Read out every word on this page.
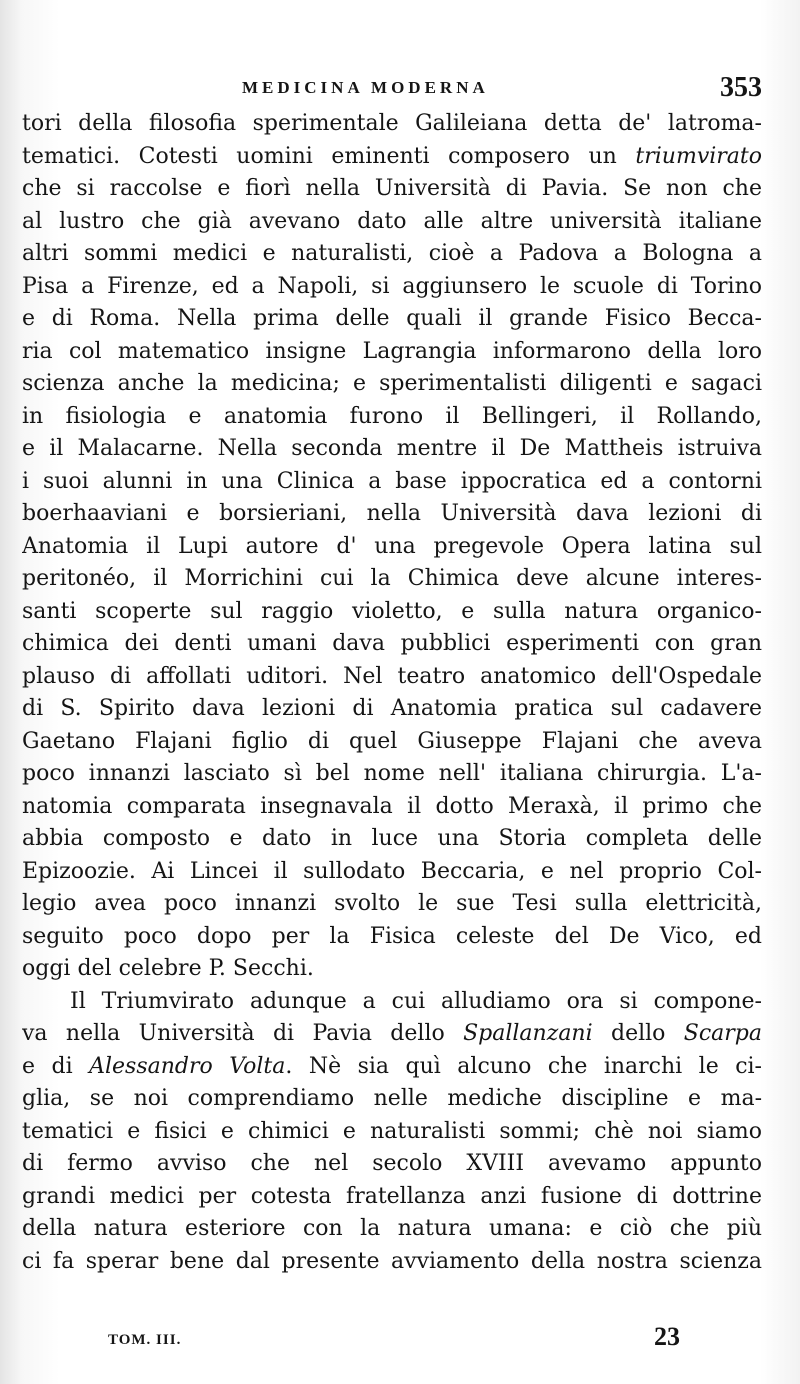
MEDICINA MODERNA	353
tori della filosofia sperimentale Galileiana detta de' latroma-
tematici. Cotesti uomini eminenti composero un triumvirato
che si raccolse e fiorì nella Università di Pavia. Se non che
al lustro che già avevano dato alle altre università italiane
altri sommi medici e naturalisti, cioè a Padova a Bologna a
Pisa a Firenze, ed a Napoli, si aggiunsero le scuole di Torino
e di Roma. Nella prima delle quali il grande Fisico Becca-
ria col matematico insigne Lagrangia informarono della loro
scienza anche la medicina; e sperimentalisti diligenti e sagaci
in fisiologia e anatomia furono il Bellingeri, il Rollando,
e il Malacarne. Nella seconda mentre il De Mattheis istruiva
i suoi alunni in una Clinica a base ippocratica ed a contorni
boerhaaviani e borsieriani, nella Università dava lezioni di
Anatomia il Lupi autore d' una pregevole Opera latina sul
peritonéo, il Morrichini cui la Chimica deve alcune interes-
santi scoperte sul raggio violetto, e sulla natura organico-
chimica dei denti umani dava pubblici esperimenti con gran
plauso di affollati uditori. Nel teatro anatomico dell'Ospedale
di S. Spirito dava lezioni di Anatomia pratica sul cadavere
Gaetano Flajani figlio di quel Giuseppe Flajani che aveva
poco innanzi lasciato sì bel nome nell' italiana chirurgia. L'a-
natomia comparata insegnavala il dotto Meraxà, il primo che
abbia composto e dato in luce una Storia completa delle
Epizoozie. Ai Lincei il sullodato Beccaria, e nel proprio Col-
legio avea poco innanzi svolto le sue Tesi sulla elettricità,
seguito poco dopo per la Fisica celeste del De Vico, ed
oggi del celebre P. Secchi.
Il Triumvirato adunque a cui alludiamo ora si compone-
va nella Università di Pavia dello Spallanzani dello Scarpa
e di Alessandro Volta. Nè sia quì alcuno che inarchi le ci-
glia, se noi comprendiamo nelle mediche discipline e ma-
tematici e fisici e chimici e naturalisti sommi; chè noi siamo
di fermo avviso che nel secolo XVIII avevamo appunto
grandi medici per cotesta fratellanza anzi fusione di dottrine
della natura esteriore con la natura umana: e ciò che più
ci fa sperar bene dal presente avviamento della nostra scienza
TOM. III.	23
